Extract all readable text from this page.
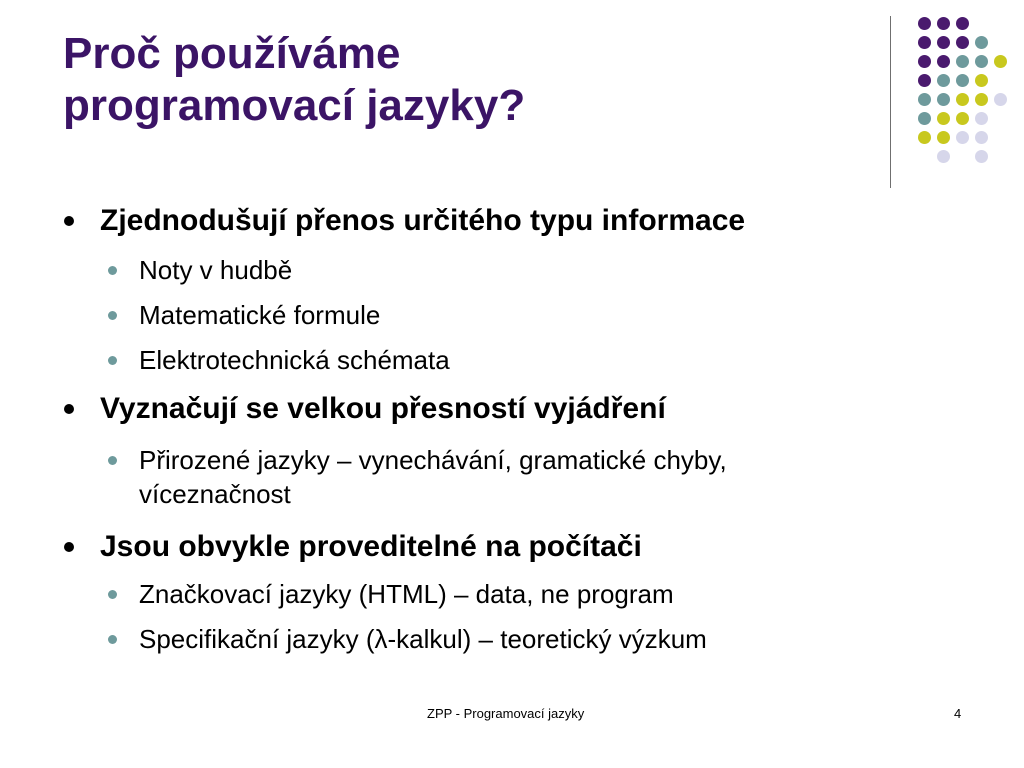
Proč používáme
programovací jazyky?
Zjednodušují přenos určitého typu informace
Noty v hudbě
Matematické formule
Elektrotechnická schémata
Vyznačují se velkou přesností vyjádření
Přirozené jazyky – vynechávání, gramatické chyby, víceznačnost
Jsou obvykle proveditelné na počítači
Značkovací jazyky (HTML) – data, ne program
Specifikační jazyky (λ-kalkul) – teoretický výzkum
ZPP - Programovací jazyky	4
